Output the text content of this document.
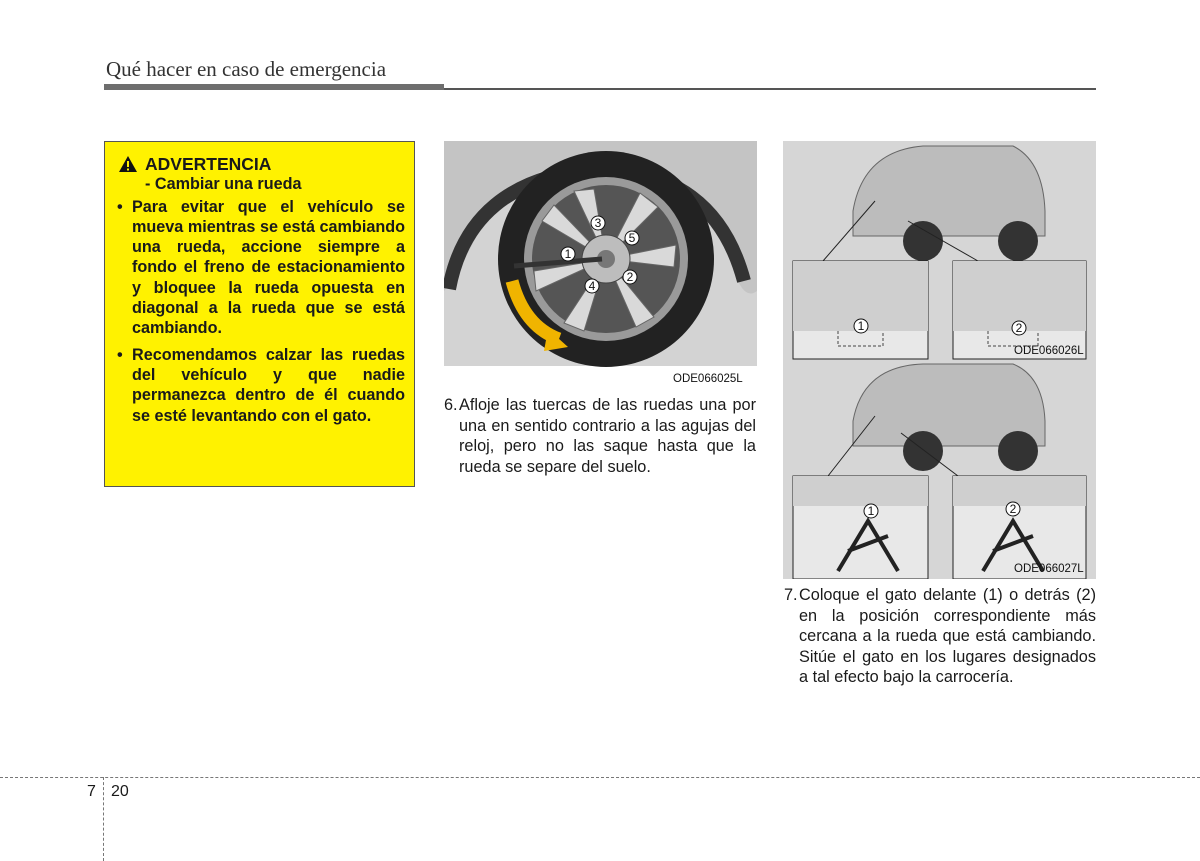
Qué hacer en caso de emergencia
ADVERTENCIA
- Cambiar una rueda
• Para evitar que el vehículo se mueva mientras se está cambiando una rueda, accione siempre a fondo el freno de estacionamiento y bloquee la rueda opuesta en diagonal a la rueda que se está cambiando.
• Recomendamos calzar las ruedas del vehículo y que nadie permanezca dentro de él cuando se esté levantando con el gato.
1
2
3
4
5
ODE066025L
6. Afloje las tuercas de las ruedas una por una en sentido contrario a las agujas del reloj, pero no las saque hasta que la rueda se separe del suelo.
1	2
ODE066026L
1	2
ODE066027L
7. Coloque el gato delante (1) o detrás (2) en la posición correspondiente más cercana a la rueda que está cambiando. Sitúe el gato en los lugares designados a tal efecto bajo la carrocería.
7 20
